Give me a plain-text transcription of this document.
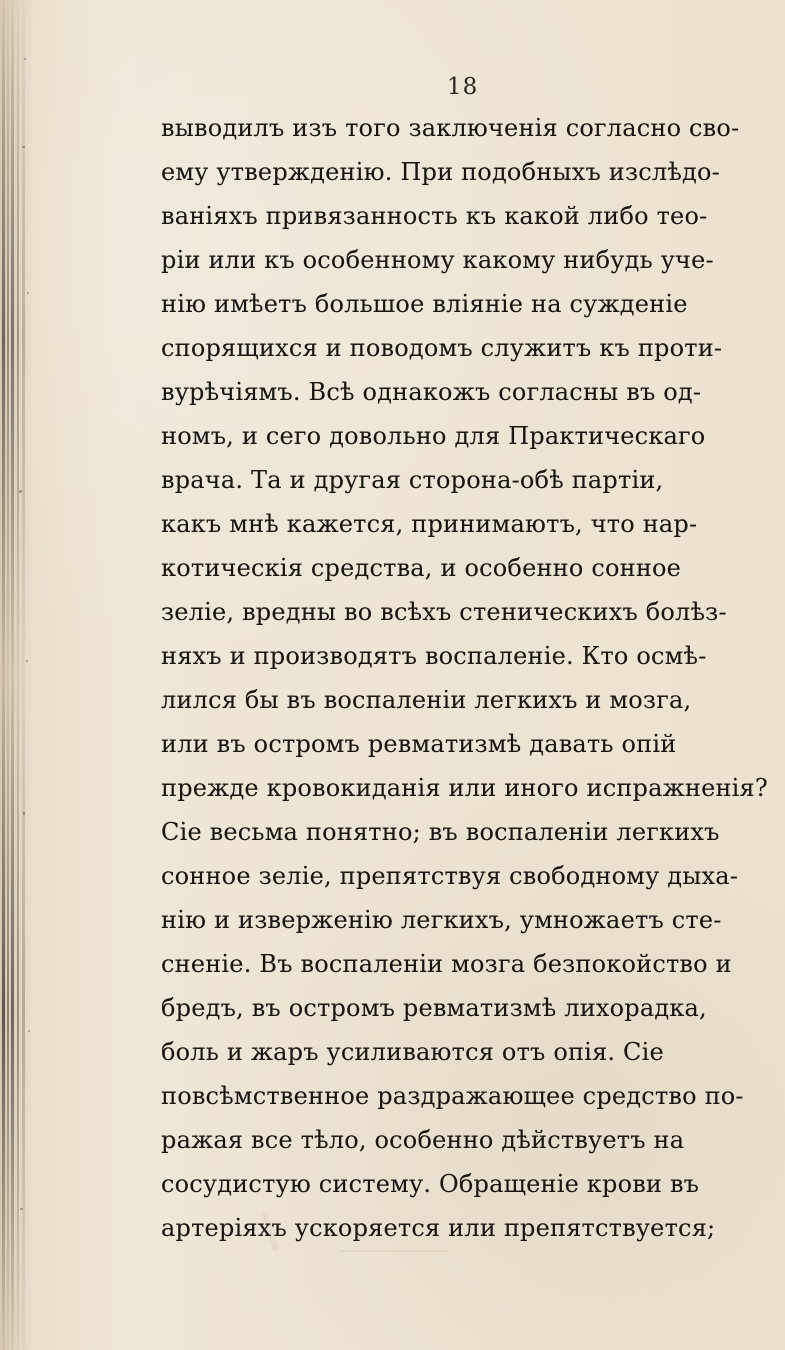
18
выводилъ изъ того заключенія согласно сво-
ему утвержденію. При подобныхъ изслѣдо-
ваніяхъ привязанность къ какой либо тео-
ріи или къ особенному какому нибудь уче-
нію имѣетъ большое вліяніе на сужденіе
спорящихся и поводомъ служитъ къ проти-
вурѣчіямъ. Всѣ однакожъ согласны въ од-
номъ, и сего довольно для Практическаго
врача. Та и другая сторона-обѣ партіи,
какъ мнѣ кажется, принимаютъ, что нар-
котическія средства, и особенно сонное
зеліе, вредны во всѣхъ стеническихъ болѣз-
няхъ и производятъ воспаленіе. Кто осмѣ-
лился бы въ воспаленіи легкихъ и мозга,
или въ остромъ ревматизмѣ давать опій
прежде кровокиданія или иного испражненія?
Сіе весьма понятно; въ воспаленіи легкихъ
сонное зеліе, препятствуя свободному дыха-
нію и изверженію легкихъ, умножаетъ сте-
сненіе. Въ воспаленіи мозга безпокойство и
бредъ, въ остромъ ревматизмѣ лихорадка,
боль и жаръ усиливаются отъ опія. Сіе
повсѣмственное раздражающее средство по-
ражая все тѣло, особенно дѣйствуетъ на
сосудистую систему. Обращеніе крови въ
артеріяхъ ускоряется или препятствуется;
